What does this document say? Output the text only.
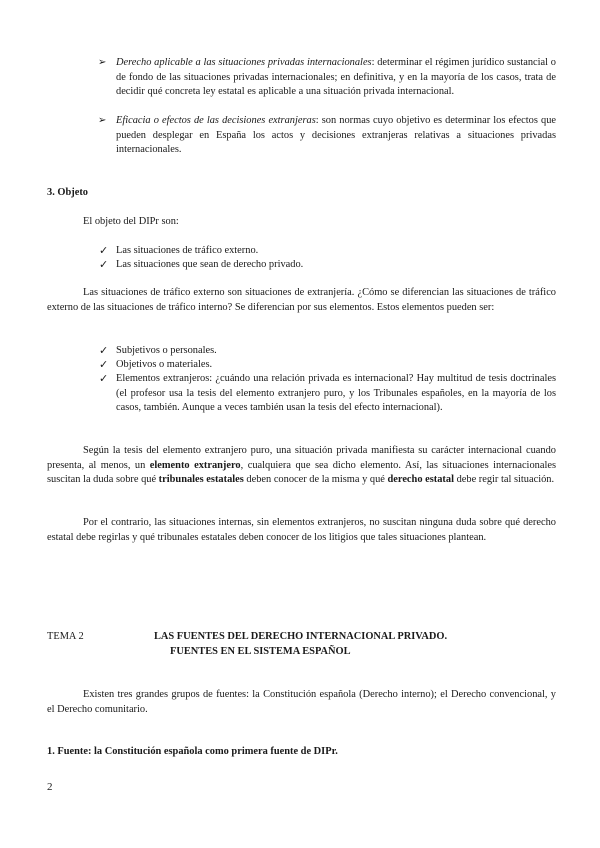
➢ Derecho aplicable a las situaciones privadas internacionales: determinar el régimen jurídico sustancial o de fondo de las situaciones privadas internacionales; en definitiva, y en la mayoría de los casos, trata de decidir qué concreta ley estatal es aplicable a una situación privada internacional.
➢ Eficacia o efectos de las decisiones extranjeras: son normas cuyo objetivo es determinar los efectos que pueden desplegar en España los actos y decisiones extranjeras relativas a situaciones privadas internacionales.

3. Objeto

El objeto del DIPr son:

✓ Las situaciones de tráfico externo.
✓ Las situaciones que sean de derecho privado.

Las situaciones de tráfico externo son situaciones de extranjería. ¿Cómo se diferencian las situaciones de tráfico externo de las situaciones de tráfico interno? Se diferencian por sus elementos. Estos elementos pueden ser:

✓ Subjetivos o personales.
✓ Objetivos o materiales.
✓ Elementos extranjeros: ¿cuándo una relación privada es internacional? Hay multitud de tesis doctrinales (el profesor usa la tesis del elemento extranjero puro, y los Tribunales españoles, en la mayoría de los casos, también. Aunque a veces también usan la tesis del efecto internacional).

Según la tesis del elemento extranjero puro, una situación privada manifiesta su carácter internacional cuando presenta, al menos, un elemento extranjero, cualquiera que sea dicho elemento. Así, las situaciones internacionales suscitan la duda sobre qué tribunales estatales deben conocer de la misma y qué derecho estatal debe regir tal situación.

Por el contrario, las situaciones internas, sin elementos extranjeros, no suscitan ninguna duda sobre qué derecho estatal debe regirlas y qué tribunales estatales deben conocer de los litigios que tales situaciones plantean.

TEMA 2	LAS FUENTES DEL DERECHO INTERNACIONAL PRIVADO.
FUENTES EN EL SISTEMA ESPAÑOL

Existen tres grandes grupos de fuentes: la Constitución española (Derecho interno); el Derecho convencional, y el Derecho comunitario.

1. Fuente: la Constitución española como primera fuente de DIPr.

2
